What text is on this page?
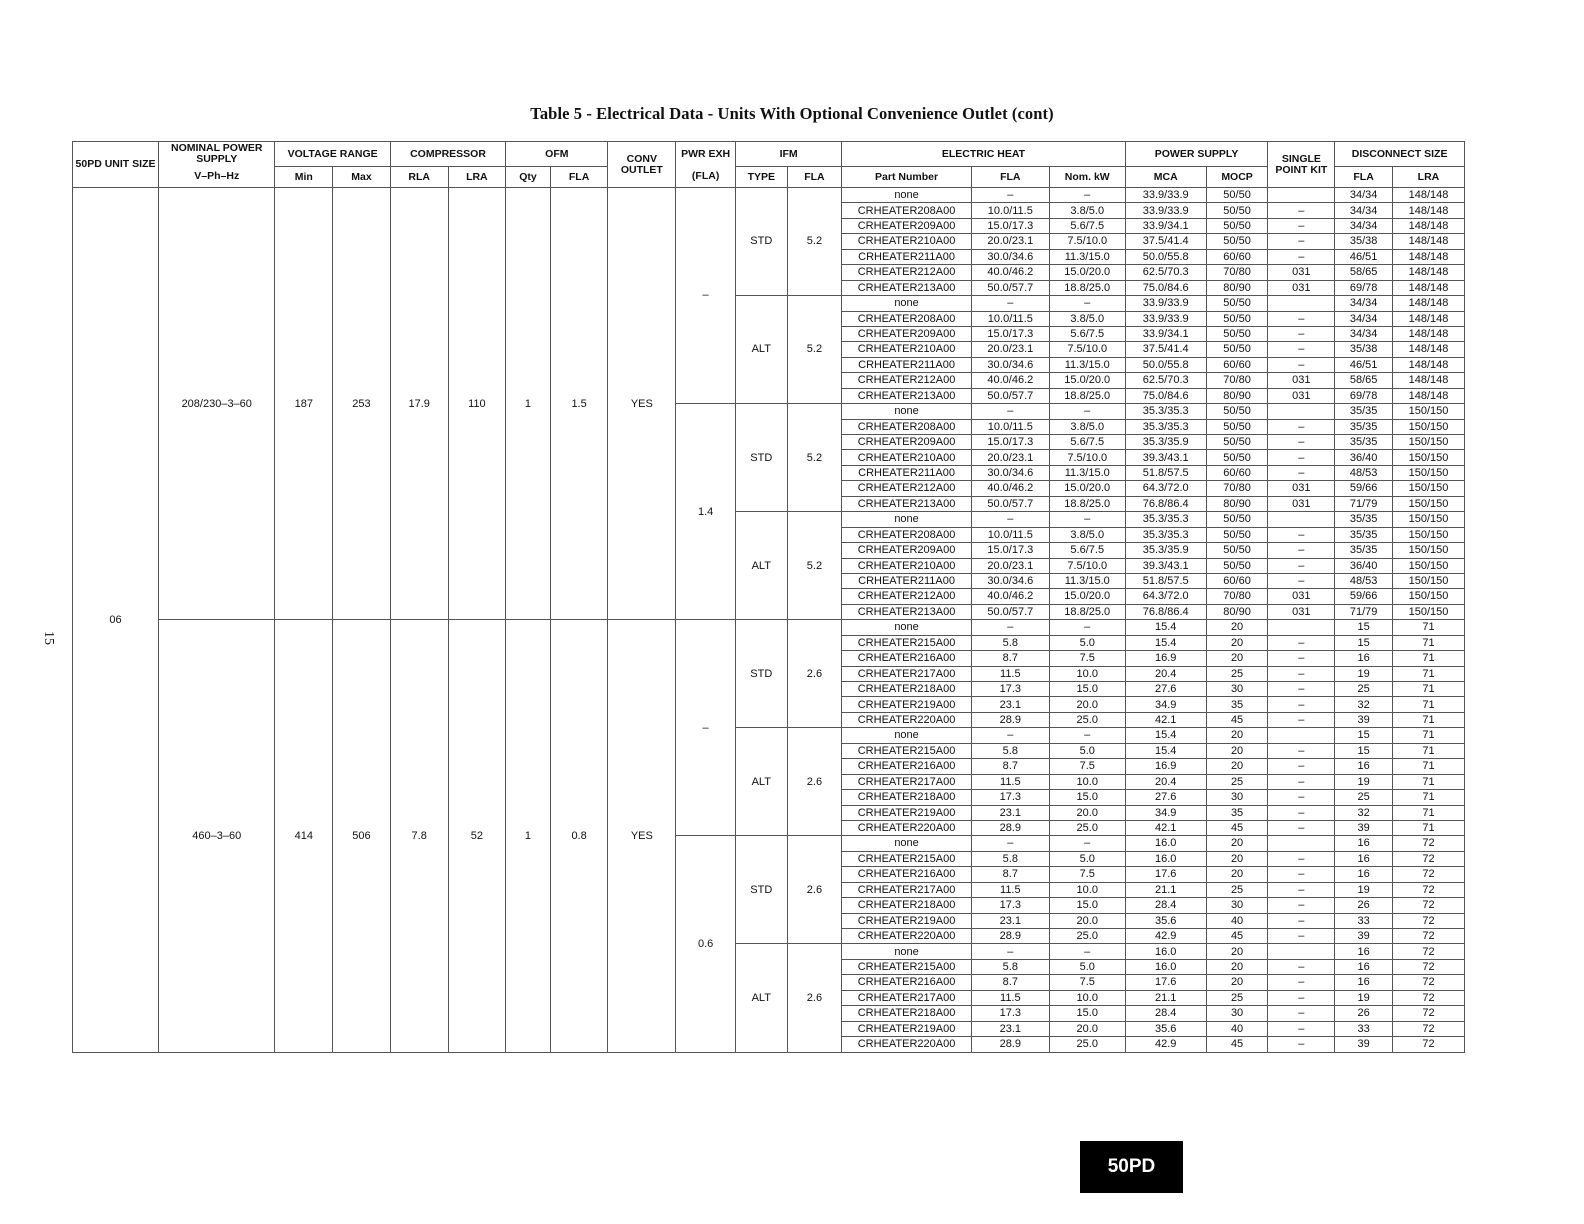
Table 5 - Electrical Data - Units With Optional Convenience Outlet (cont)
15
50PD
50PD UNIT SIZE	NOMINAL POWER SUPPLY	VOLTAGE RANGE		COMPRESSOR		OFM		CONV OUTLET	PWR EXH	IFM		ELECTRIC HEAT			POWER SUPPLY		SINGLE POINT KIT	DISCONNECT SIZE	
	V–Ph–Hz	Min	Max	RLA	LRA	Qty	FLA		(FLA)	TYPE	FLA	Part Number	FLA	Nom. kW	MCA	MOCP		FLA	LRA
06	208/230–3–60	187	253	17.9	110	1	1.5	YES	–	STD	5.2	none	–	–	33.9/33.9	50/50		34/34	148/148
												CRHEATER208A00	10.0/11.5	3.8/5.0	33.9/33.9	50/50	–	34/34	148/148
												CRHEATER209A00	15.0/17.3	5.6/7.5	33.9/34.1	50/50	–	34/34	148/148
												CRHEATER210A00	20.0/23.1	7.5/10.0	37.5/41.4	50/50	–	35/38	148/148
												CRHEATER211A00	30.0/34.6	11.3/15.0	50.0/55.8	60/60	–	46/51	148/148
												CRHEATER212A00	40.0/46.2	15.0/20.0	62.5/70.3	70/80	031	58/65	148/148
												CRHEATER213A00	50.0/57.7	18.8/25.0	75.0/84.6	80/90	031	69/78	148/148
										ALT	5.2	none	–	–	33.9/33.9	50/50		34/34	148/148
												CRHEATER208A00	10.0/11.5	3.8/5.0	33.9/33.9	50/50	–	34/34	148/148
												CRHEATER209A00	15.0/17.3	5.6/7.5	33.9/34.1	50/50	–	34/34	148/148
												CRHEATER210A00	20.0/23.1	7.5/10.0	37.5/41.4	50/50	–	35/38	148/148
												CRHEATER211A00	30.0/34.6	11.3/15.0	50.0/55.8	60/60	–	46/51	148/148
												CRHEATER212A00	40.0/46.2	15.0/20.0	62.5/70.3	70/80	031	58/65	148/148
												CRHEATER213A00	50.0/57.7	18.8/25.0	75.0/84.6	80/90	031	69/78	148/148
									1.4	STD	5.2	none	–	–	35.3/35.3	50/50		35/35	150/150
												CRHEATER208A00	10.0/11.5	3.8/5.0	35.3/35.3	50/50	–	35/35	150/150
												CRHEATER209A00	15.0/17.3	5.6/7.5	35.3/35.9	50/50	–	35/35	150/150
												CRHEATER210A00	20.0/23.1	7.5/10.0	39.3/43.1	50/50	–	36/40	150/150
												CRHEATER211A00	30.0/34.6	11.3/15.0	51.8/57.5	60/60	–	48/53	150/150
												CRHEATER212A00	40.0/46.2	15.0/20.0	64.3/72.0	70/80	031	59/66	150/150
												CRHEATER213A00	50.0/57.7	18.8/25.0	76.8/86.4	80/90	031	71/79	150/150
										ALT	5.2	none	–	–	35.3/35.3	50/50		35/35	150/150
												CRHEATER208A00	10.0/11.5	3.8/5.0	35.3/35.3	50/50	–	35/35	150/150
												CRHEATER209A00	15.0/17.3	5.6/7.5	35.3/35.9	50/50	–	35/35	150/150
												CRHEATER210A00	20.0/23.1	7.5/10.0	39.3/43.1	50/50	–	36/40	150/150
												CRHEATER211A00	30.0/34.6	11.3/15.0	51.8/57.5	60/60	–	48/53	150/150
												CRHEATER212A00	40.0/46.2	15.0/20.0	64.3/72.0	70/80	031	59/66	150/150
												CRHEATER213A00	50.0/57.7	18.8/25.0	76.8/86.4	80/90	031	71/79	150/150
	460–3–60	414	506	7.8	52	1	0.8	YES	–	STD	2.6	none	–	–	15.4	20		15	71
												CRHEATER215A00	5.8	5.0	15.4	20	–	15	71
												CRHEATER216A00	8.7	7.5	16.9	20	–	16	71
												CRHEATER217A00	11.5	10.0	20.4	25	–	19	71
												CRHEATER218A00	17.3	15.0	27.6	30	–	25	71
												CRHEATER219A00	23.1	20.0	34.9	35	–	32	71
												CRHEATER220A00	28.9	25.0	42.1	45	–	39	71
										ALT	2.6	none	–	–	15.4	20		15	71
												CRHEATER215A00	5.8	5.0	15.4	20	–	15	71
												CRHEATER216A00	8.7	7.5	16.9	20	–	16	71
												CRHEATER217A00	11.5	10.0	20.4	25	–	19	71
												CRHEATER218A00	17.3	15.0	27.6	30	–	25	71
												CRHEATER219A00	23.1	20.0	34.9	35	–	32	71
												CRHEATER220A00	28.9	25.0	42.1	45	–	39	71
									0.6	STD	2.6	none	–	–	16.0	20		16	72
												CRHEATER215A00	5.8	5.0	16.0	20	–	16	72
												CRHEATER216A00	8.7	7.5	17.6	20	–	16	72
												CRHEATER217A00	11.5	10.0	21.1	25	–	19	72
												CRHEATER218A00	17.3	15.0	28.4	30	–	26	72
												CRHEATER219A00	23.1	20.0	35.6	40	–	33	72
												CRHEATER220A00	28.9	25.0	42.9	45	–	39	72
										ALT	2.6	none	–	–	16.0	20		16	72
												CRHEATER215A00	5.8	5.0	16.0	20	–	16	72
												CRHEATER216A00	8.7	7.5	17.6	20	–	16	72
												CRHEATER217A00	11.5	10.0	21.1	25	–	19	72
												CRHEATER218A00	17.3	15.0	28.4	30	–	26	72
												CRHEATER219A00	23.1	20.0	35.6	40	–	33	72
												CRHEATER220A00	28.9	25.0	42.9	45	–	39	72
